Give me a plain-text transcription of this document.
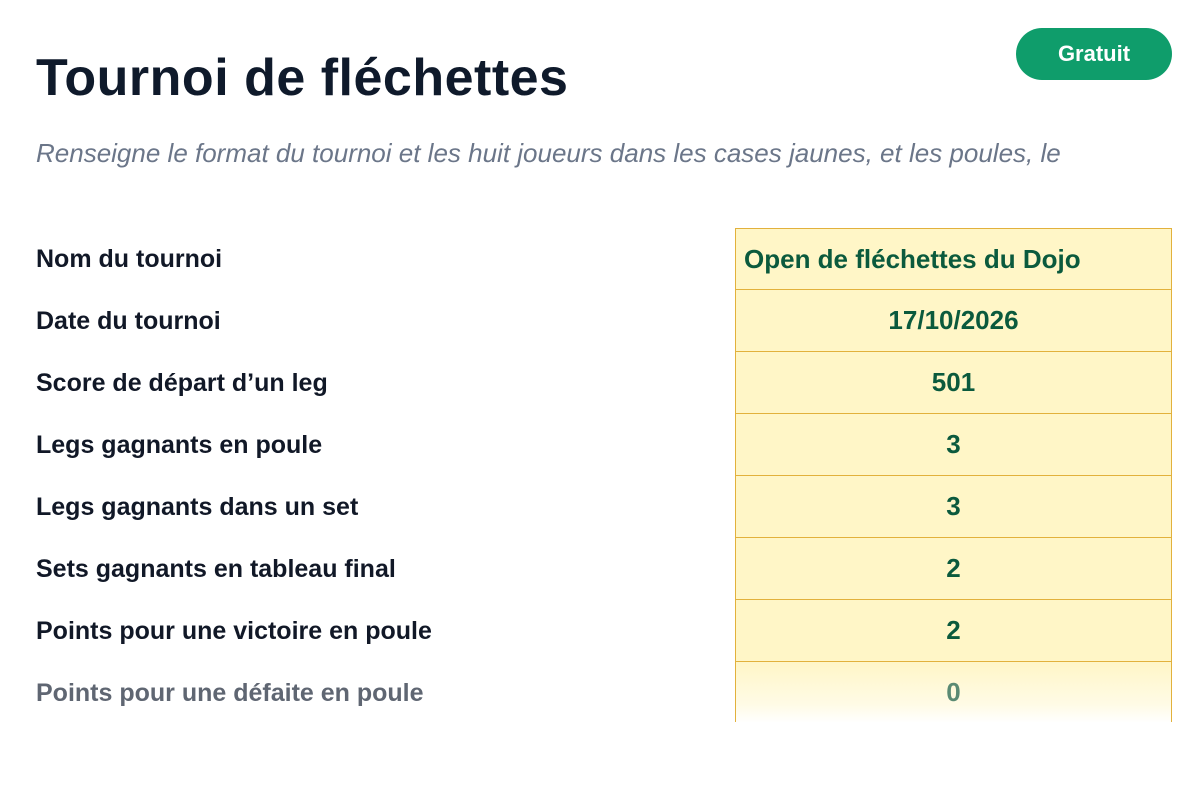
Gratuit
Tournoi de fléchettes
Renseigne le format du tournoi et les huit joueurs dans les cases jaunes, et les poules, le
Nom du tournoi	Open de fléchettes du Dojo
Date du tournoi	17/10/2026
Score de départ d’un leg	501
Legs gagnants en poule	3
Legs gagnants dans un set	3
Sets gagnants en tableau final	2
Points pour une victoire en poule	2
Points pour une défaite en poule	0
